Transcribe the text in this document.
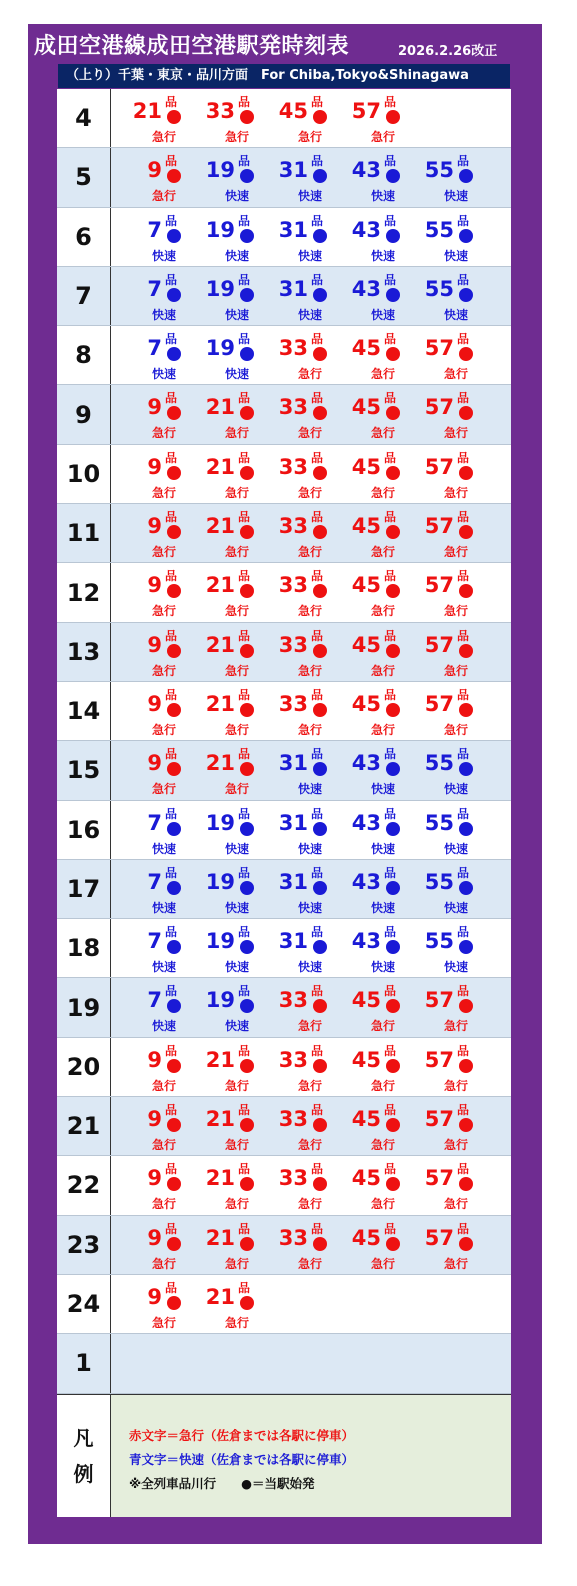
成田空港線成田空港駅発時刻表	2026.2.26改正
（上り）千葉・東京・品川方面　For Chiba,Tokyo&Shinagawa
4	21 品
急行
33 品
急行
45 品
急行
57 品
急行
5	9 品
急行
19 品
快速
31 品
快速
43 品
快速
55 品
快速
6	7 品
快速
19 品
快速
31 品
快速
43 品
快速
55 品
快速
7	7 品
快速
19 品
快速
31 品
快速
43 品
快速
55 品
快速
8	7 品
快速
19 品
快速
33 品
急行
45 品
急行
57 品
急行
9	9 品
急行
21 品
急行
33 品
急行
45 品
急行
57 品
急行
10	9 品
急行
21 品
急行
33 品
急行
45 品
急行
57 品
急行
11	9 品
急行
21 品
急行
33 品
急行
45 品
急行
57 品
急行
12	9 品
急行
21 品
急行
33 品
急行
45 品
急行
57 品
急行
13	9 品
急行
21 品
急行
33 品
急行
45 品
急行
57 品
急行
14	9 品
急行
21 品
急行
33 品
急行
45 品
急行
57 品
急行
15	9 品
急行
21 品
急行
31 品
快速
43 品
快速
55 品
快速
16	7 品
快速
19 品
快速
31 品
快速
43 品
快速
55 品
快速
17	7 品
快速
19 品
快速
31 品
快速
43 品
快速
55 品
快速
18	7 品
快速
19 品
快速
31 品
快速
43 品
快速
55 品
快速
19	7 品
快速
19 品
快速
33 品
急行
45 品
急行
57 品
急行
20	9 品
急行
21 品
急行
33 品
急行
45 品
急行
57 品
急行
21	9 品
急行
21 品
急行
33 品
急行
45 品
急行
57 品
急行
22	9 品
急行
21 品
急行
33 品
急行
45 品
急行
57 品
急行
23	9 品
急行
21 品
急行
33 品
急行
45 品
急行
57 品
急行
24	9 品
急行
21 品
急行
1
凡
例
赤文字＝急行（佐倉までは各駅に停車）
青文字＝快速（佐倉までは各駅に停車）
※全列車品川行　　●＝当駅始発
